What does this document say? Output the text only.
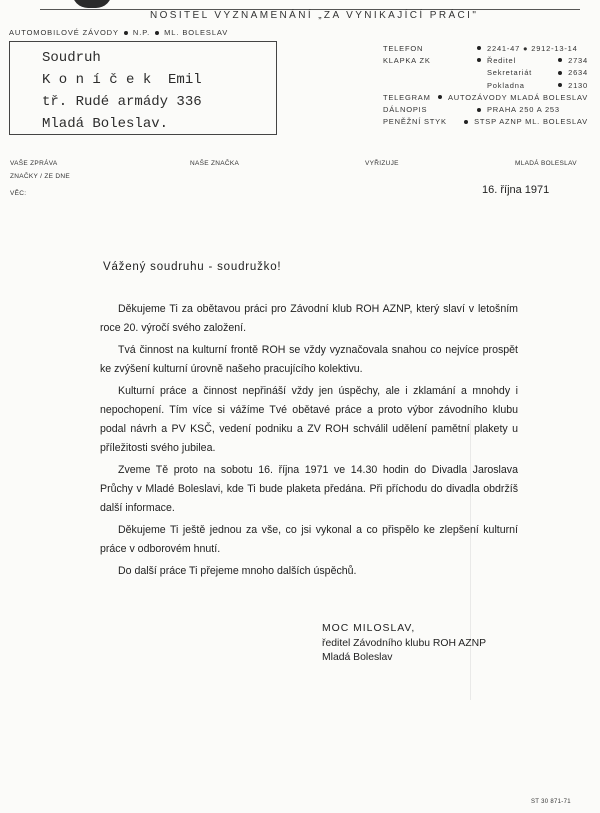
NOSITEL VYZNAMENÁNÍ „ZA VYNIKAJÍCÍ PRÁCI"
AUTOMOBILOVÉ ZÁVODY N.P. ML. BOLESLAV
Soudruh
K o n í č e k  Emil
tř. Rudé armády 336
Mladá Boleslav.
TELEFON	2241-47 ● 2912-13-14
KLAPKA ZK	Ředitel	2734
Sekretariát	2634
Pokladna	2130
TELEGRAM AUTOZÁVODY MLADÁ BOLESLAV
DÁLNOPIS	PRAHA 250 A 253
PENĚŽNÍ STYK	STSP AZNP ML. BOLESLAV
VAŠE ZPRÁVA
ZNAČKY / ZE DNE
VĚC:
NAŠE ZNAČKA	VYŘIZUJE	MLADÁ BOLESLAV
16. října 1971
Vážený soudruhu - soudružko!

Děkujeme Ti za obětavou práci pro Závodní klub ROH AZNP, který slaví v letošním roce 20. výročí svého založení.

Tvá činnost na kulturní frontě ROH se vždy vyznačovala snahou co nejvíce prospět ke zvýšení kulturní úrovně našeho pracujícího kolektivu.

Kulturní práce a činnost nepřináší vždy jen úspěchy, ale i zklamání a mnohdy i nepochopení. Tím více si vážíme Tvé obětavé práce a proto výbor závodního klubu podal návrh a PV KSČ, vedení podniku a ZV ROH schválil udělení pamětní plakety u příležitosti svého jubilea.

Zveme Tě proto na sobotu 16. října 1971 ve 14.30 hodin do Divadla Jaroslava Průchy v Mladé Boleslavi, kde Ti bude plaketa předána. Při příchodu do divadla obdržíš další informace.

Děkujeme Ti ještě jednou za vše, co jsi vykonal a co přispělo ke zlepšení kulturní práce v odborovém hnutí.

Do další práce Ti přejeme mnoho dalších úspěchů.

MOC MILOSLAV,
ředitel Závodního klubu ROH AZNP
Mladá Boleslav
ST 30 871-71
